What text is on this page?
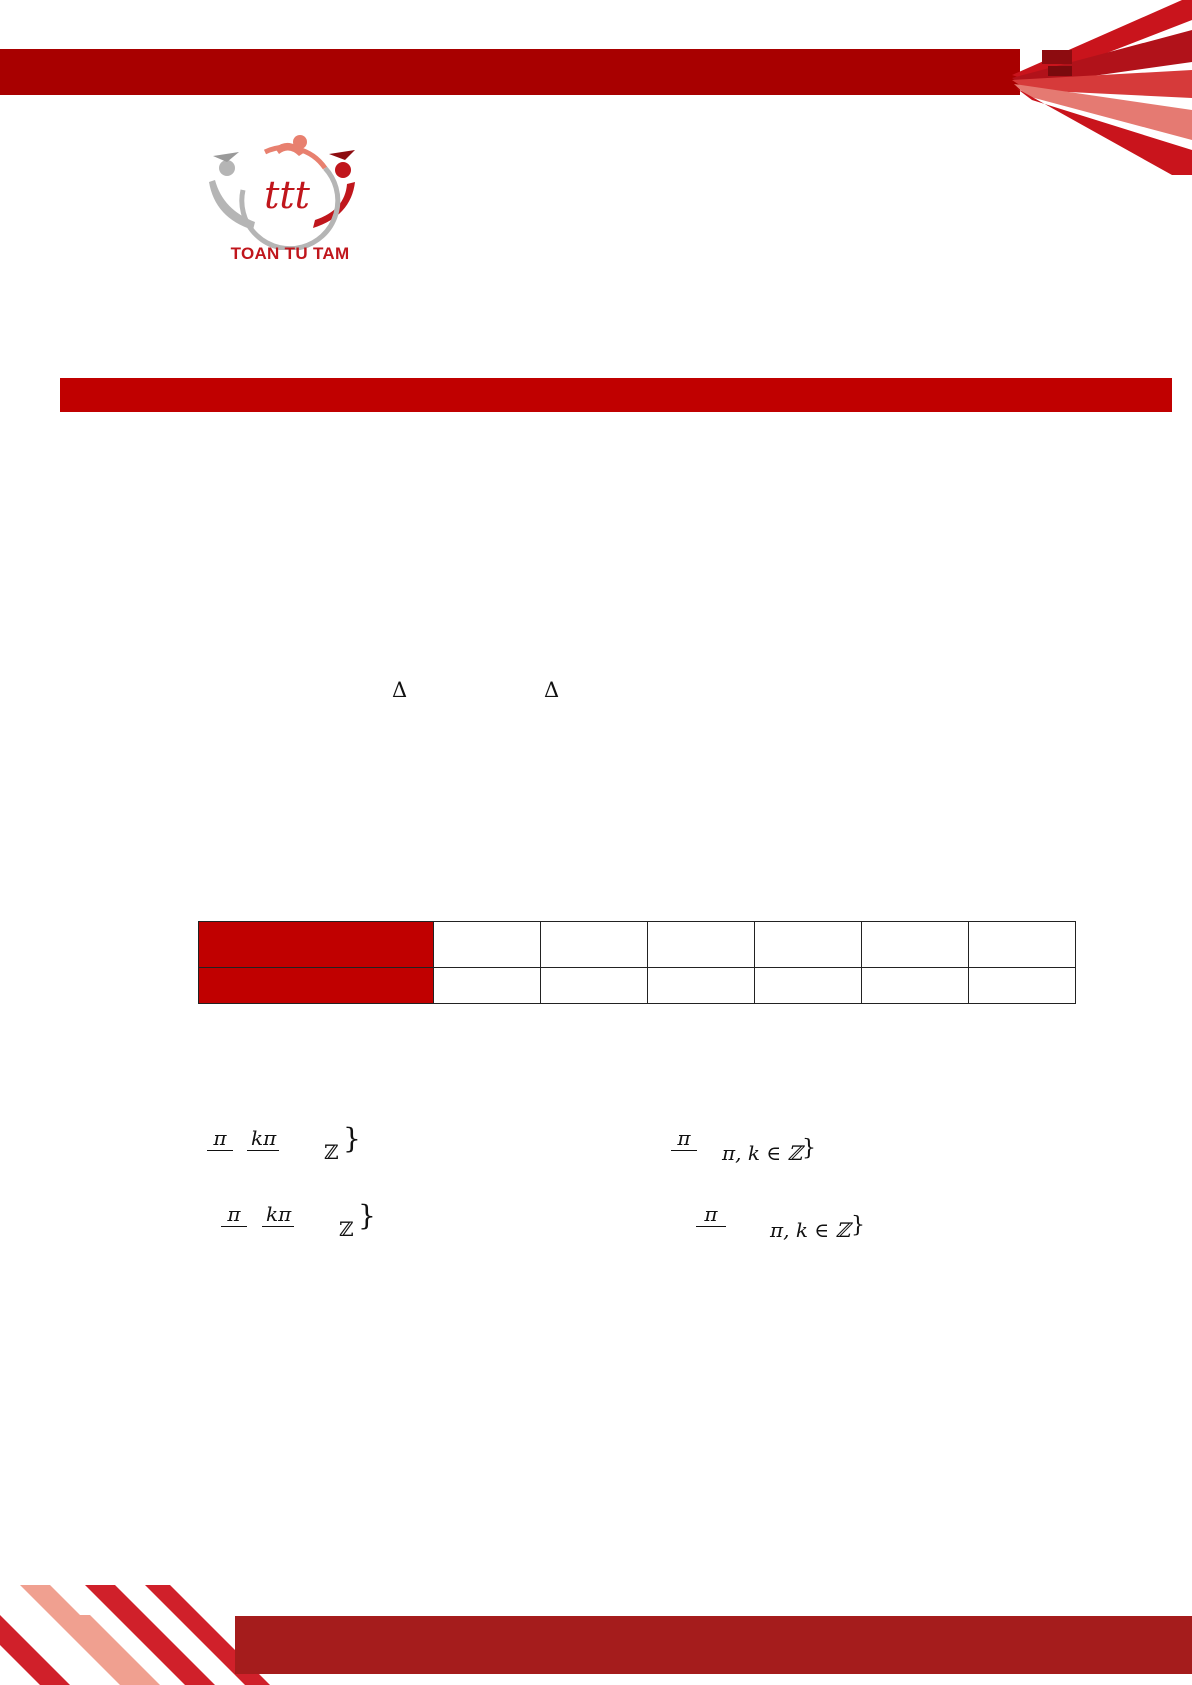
ttt
TOAN TU TAM
Δ	Δ

π	kπ
ℤ }	π
π, k ∈ ℤ }
π	kπ
ℤ }	π
π, k ∈ ℤ }
